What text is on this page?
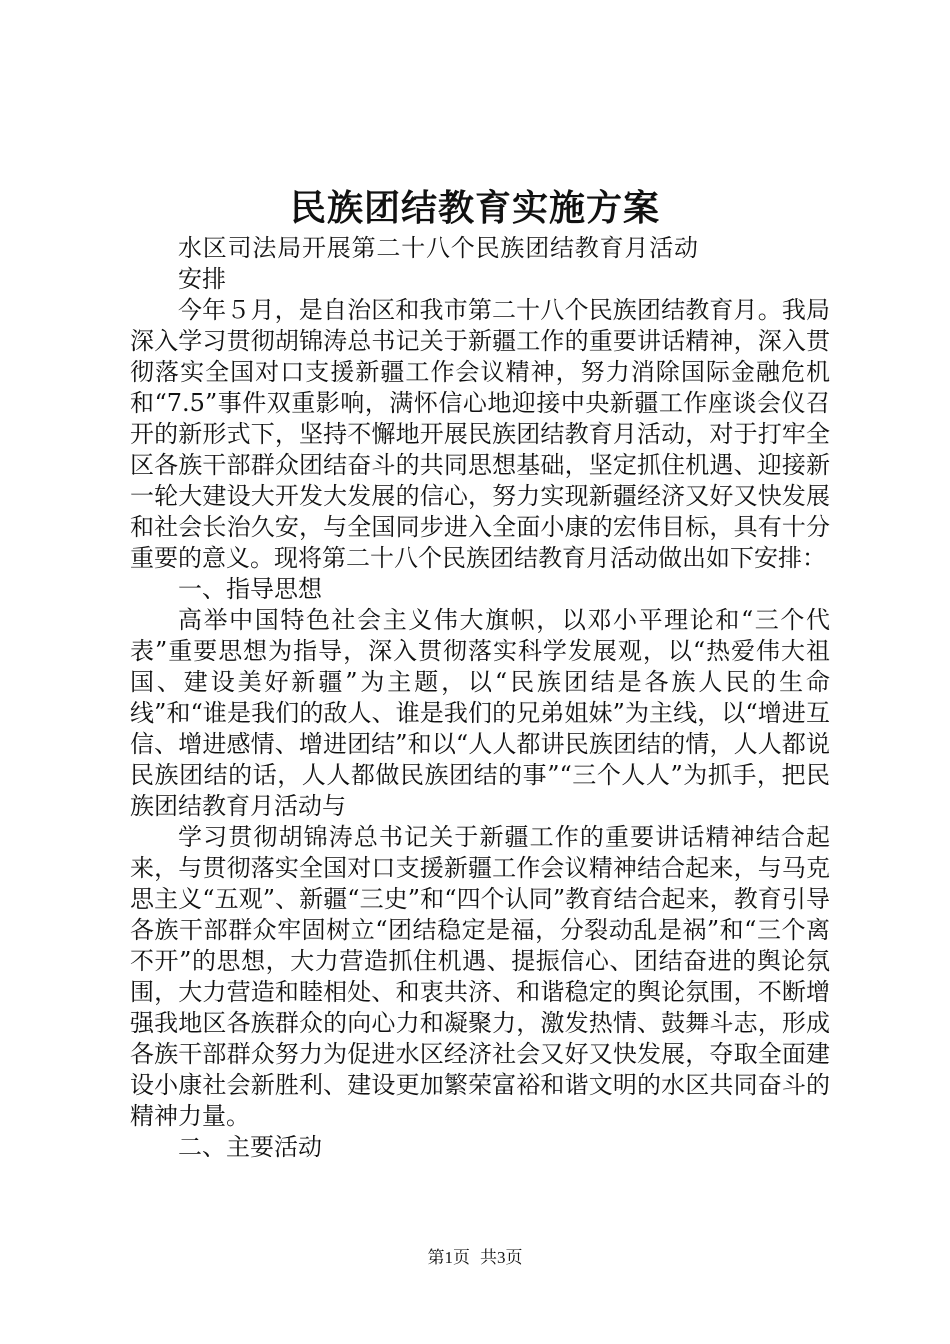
民族团结教育实施方案

水区司法局开展第二十八个民族团结教育月活动安排

今年５月，是自治区和我市第二十八个民族团结教育月。我局深入学习贯彻胡锦涛总书记关于新疆工作的重要讲话精神，深入贯彻落实全国对口支援新疆工作会议精神，努力消除国际金融危机和“7.5”事件双重影响，满怀信心地迎接中央新疆工作座谈会仪召开的新形式下，坚持不懈地开展民族团结教育月活动，对于打牢全区各族干部群众团结奋斗的共同思想基础，坚定抓住机遇、迎接新一轮大建设大开发大发展的信心，努力实现新疆经济又好又快发展和社会长治久安，与全国同步进入全面小康的宏伟目标，具有十分重要的意义。现将第二十八个民族团结教育月活动做出如下安排：

一、指导思想

高举中国特色社会主义伟大旗帜，以邓小平理论和“三个代表”重要思想为指导，深入贯彻落实科学发展观，以“热爱伟大祖国、建设美好新疆”为主题，以“民族团结是各族人民的生命线”和“谁是我们的敌人、谁是我们的兄弟姐妹”为主线，以“增进互信、增进感情、增进团结”和以“人人都讲民族团结的情，人人都说民族团结的话，人人都做民族团结的事”“三个人人”为抓手，把民族团结教育月活动与

学习贯彻胡锦涛总书记关于新疆工作的重要讲话精神结合起来，与贯彻落实全国对口支援新疆工作会议精神结合起来，与马克思主义“五观”、新疆“三史”和“四个认同”教育结合起来，教育引导各族干部群众牢固树立“团结稳定是福，分裂动乱是祸”和“三个离不开”的思想，大力营造抓住机遇、提振信心、团结奋进的舆论氛围，大力营造和睦相处、和衷共济、和谐稳定的舆论氛围，不断增强我地区各族群众的向心力和凝聚力，激发热情、鼓舞斗志，形成各族干部群众努力为促进水区经济社会又好又快发展，夺取全面建设小康社会新胜利、建设更加繁荣富裕和谐文明的水区共同奋斗的精神力量。

二、主要活动

第1页 共3页
